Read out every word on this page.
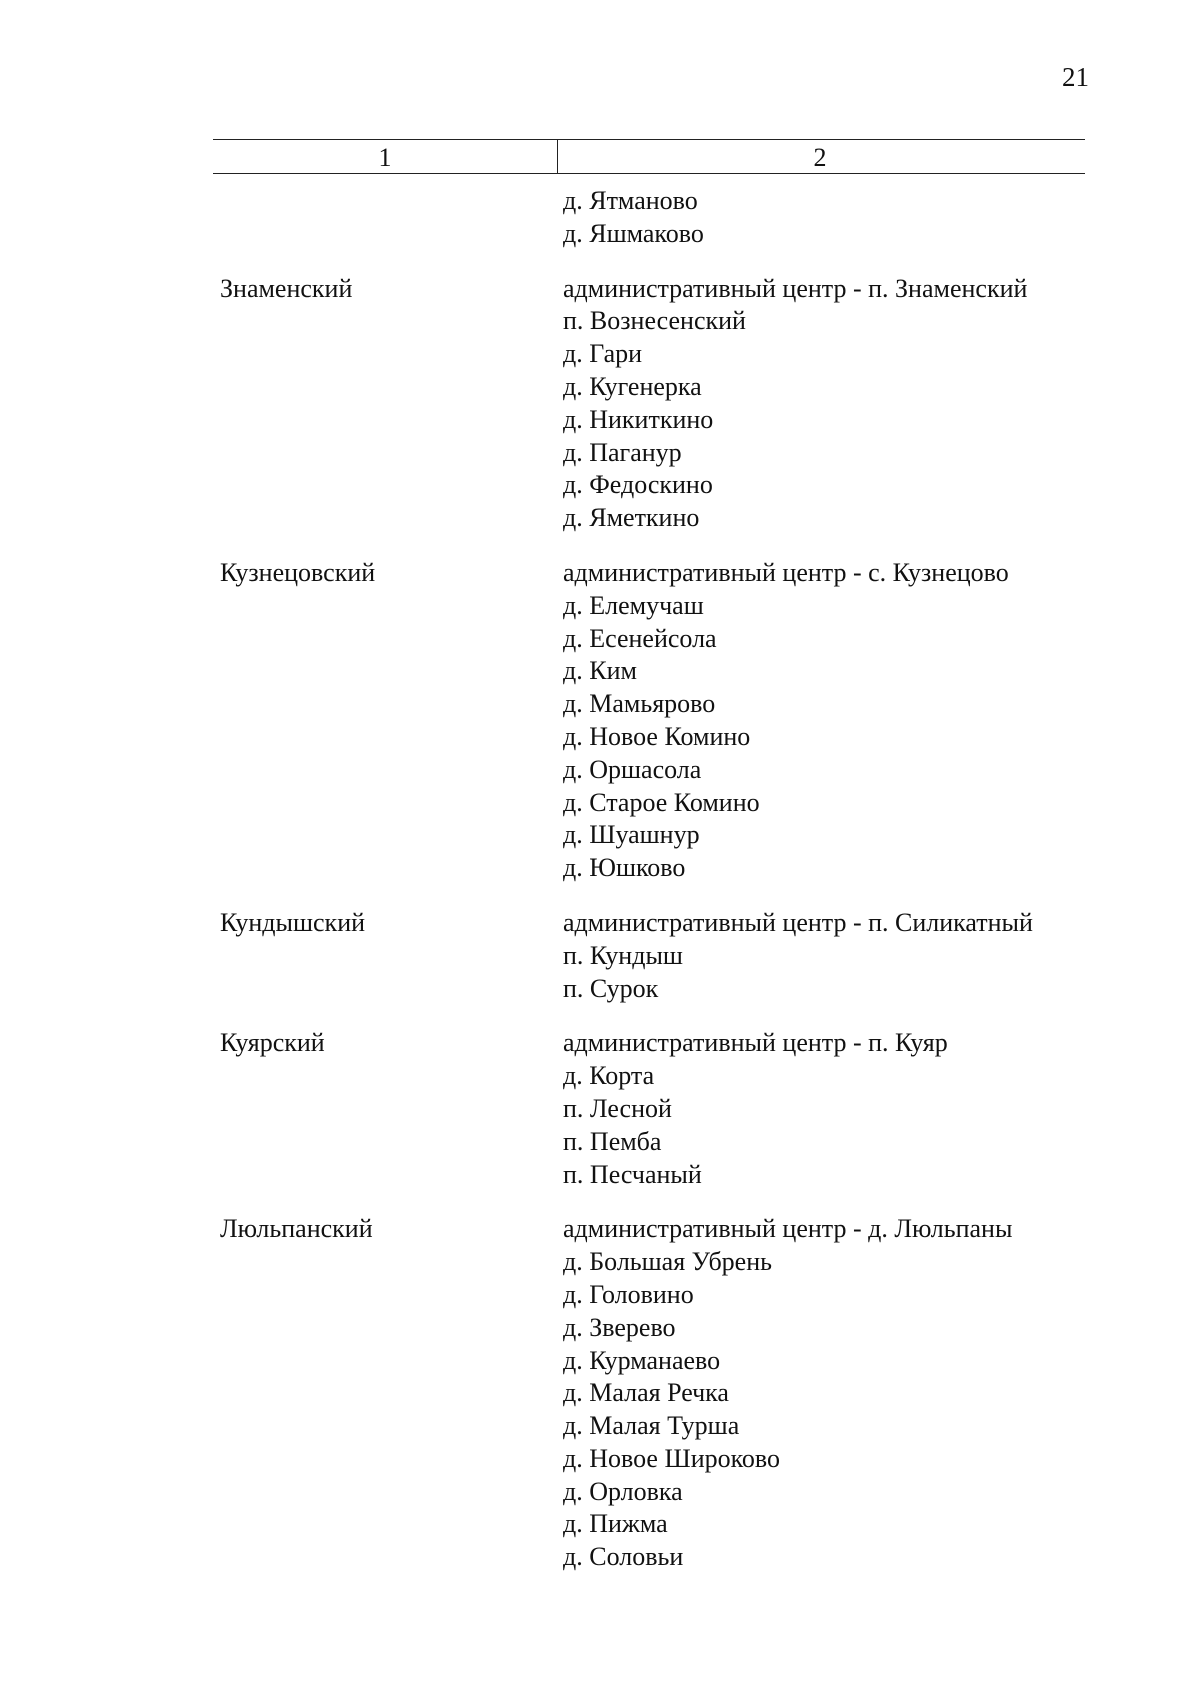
21
1	2
д. Ятманово
д. Яшмаково
Знаменский	административный центр - п. Знаменский
п. Вознесенский
д. Гари
д. Кугенерка
д. Никиткино
д. Паганур
д. Федоскино
д. Яметкино
Кузнецовский	административный центр - с. Кузнецово
д. Елемучаш
д. Есенейсола
д. Ким
д. Мамьярово
д. Новое Комино
д. Оршасола
д. Старое Комино
д. Шуашнур
д. Юшково
Кундышский	административный центр - п. Силикатный
п. Кундыш
п. Сурок
Куярский	административный центр - п. Куяр
д. Корта
п. Лесной
п. Пемба
п. Песчаный
Люльпанский	административный центр - д. Люльпаны
д. Большая Убрень
д. Головино
д. Зверево
д. Курманаево
д. Малая Речка
д. Малая Турша
д. Новое Широково
д. Орловка
д. Пижма
д. Соловьи
